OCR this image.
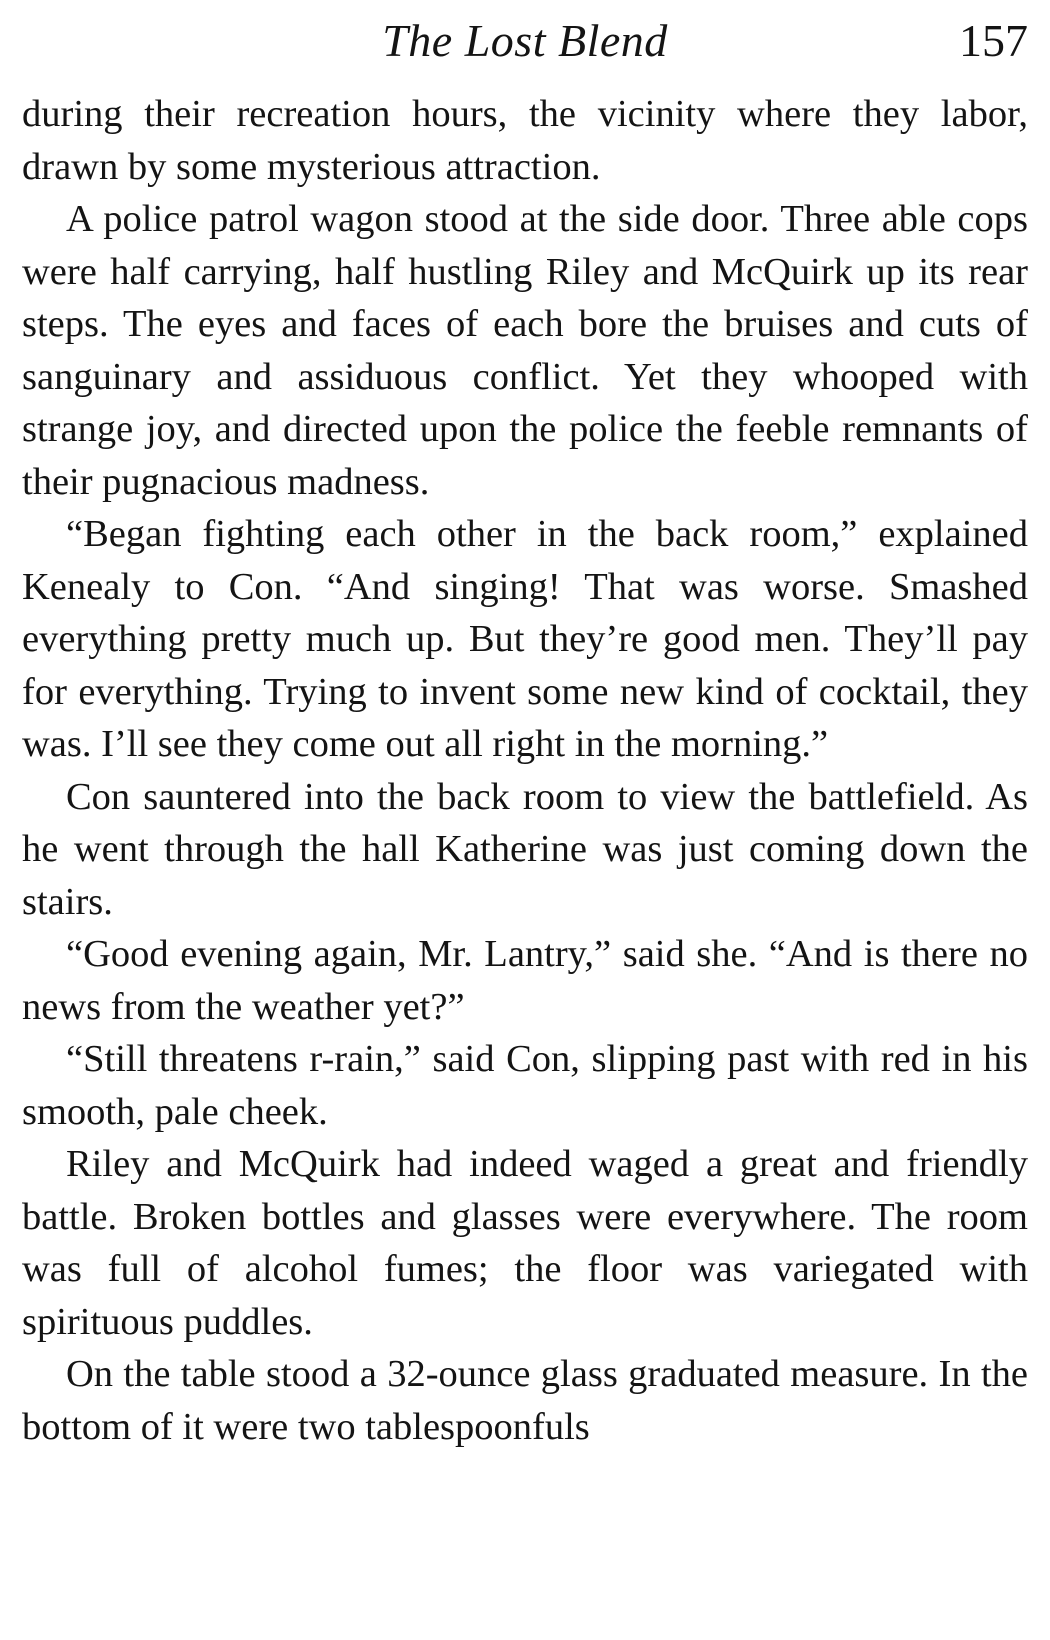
The Lost Blend	157

during their recreation hours, the vicinity where they labor, drawn by some mysterious attraction.

A police patrol wagon stood at the side door. Three able cops were half carrying, half hustling Riley and McQuirk up its rear steps. The eyes and faces of each bore the bruises and cuts of sanguinary and assiduous conflict. Yet they whooped with strange joy, and directed upon the police the feeble remnants of their pugnacious madness.

“Began fighting each other in the back room,” explained Kenealy to Con. “And singing! That was worse. Smashed everything pretty much up. But they’re good men. They’ll pay for everything. Trying to invent some new kind of cocktail, they was. I’ll see they come out all right in the morning.”

Con sauntered into the back room to view the battlefield. As he went through the hall Katherine was just coming down the stairs.

“Good evening again, Mr. Lantry,” said she. “And is there no news from the weather yet?”

“Still threatens r-rain,” said Con, slipping past with red in his smooth, pale cheek.

Riley and McQuirk had indeed waged a great and friendly battle. Broken bottles and glasses were everywhere. The room was full of alcohol fumes; the floor was variegated with spirituous puddles.

On the table stood a 32-ounce glass graduated measure. In the bottom of it were two tablespoonfuls
